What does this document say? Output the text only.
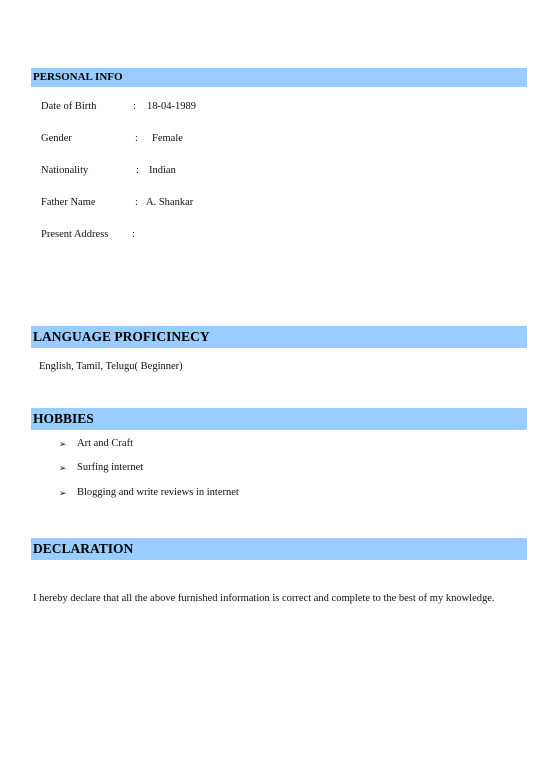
PERSONAL INFO
Date of Birth	: 18-04-1989
Gender	: Female
Nationality	: Indian
Father Name	: A. Shankar
Present Address :
LANGUAGE PROFICINECY
English, Tamil, Telugu( Beginner)
HOBBIES
➢ Art and Craft
➢ Surfing internet
➢ Blogging and write reviews in internet
DECLARATION
I hereby declare that all the above furnished information is correct and complete to the best of my knowledge.
